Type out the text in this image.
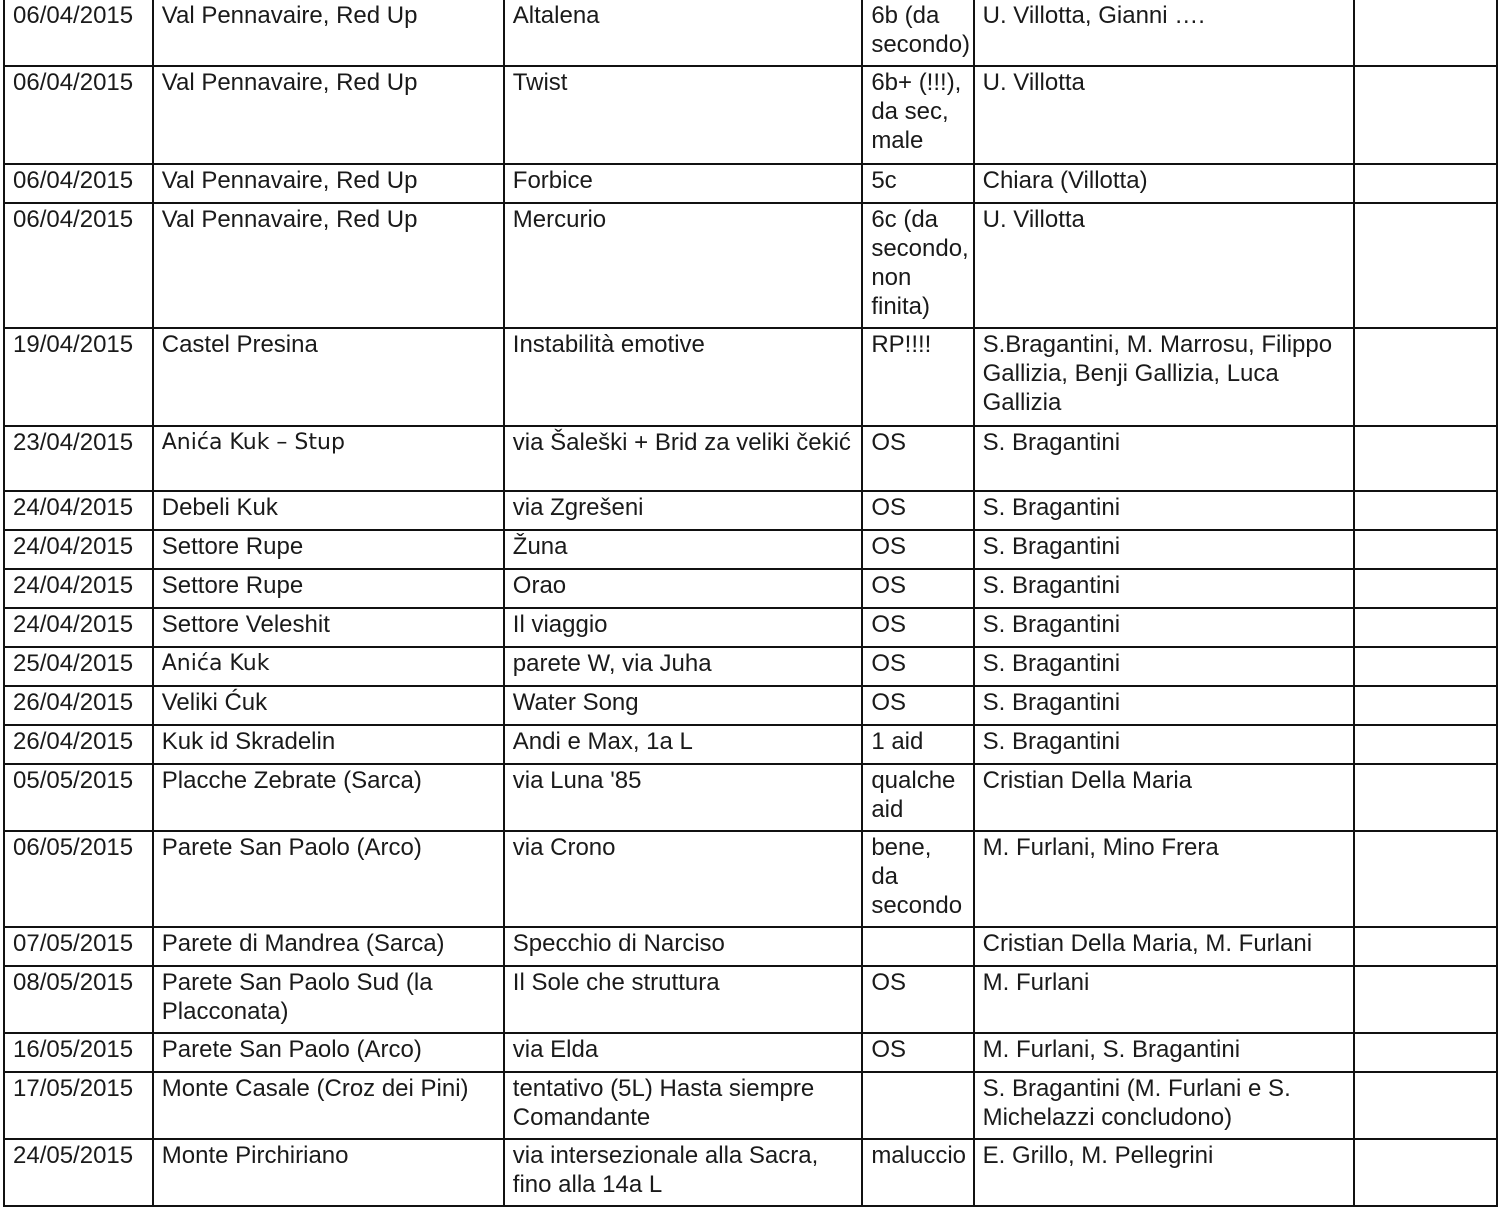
06/04/2015	Val Pennavaire, Red Up	Altalena	6b (da secondo)	U. Villotta, Gianni ….	
06/04/2015	Val Pennavaire, Red Up	Twist	6b+ (!!!), da sec, male	U. Villotta	
06/04/2015	Val Pennavaire, Red Up	Forbice	5c	Chiara (Villotta)	
06/04/2015	Val Pennavaire, Red Up	Mercurio	6c (da secondo, non finita)	U. Villotta	
19/04/2015	Castel Presina	Instabilità emotive	RP!!!!	S.Bragantini, M. Marrosu, Filippo Gallizia, Benji Gallizia, Luca Gallizia	
23/04/2015	Anića Kuk – Stup	via Šaleški + Brid za veliki čekić	OS	S. Bragantini	
24/04/2015	Debeli Kuk	via Zgrešeni	OS	S. Bragantini	
24/04/2015	Settore Rupe	Žuna	OS	S. Bragantini	
24/04/2015	Settore Rupe	Orao	OS	S. Bragantini	
24/04/2015	Settore Veleshit	Il viaggio	OS	S. Bragantini	
25/04/2015	Anića Kuk	parete W, via Juha	OS	S. Bragantini	
26/04/2015	Veliki Ćuk	Water Song	OS	S. Bragantini	
26/04/2015	Kuk id Skradelin	Andi e Max, 1a L	1 aid	S. Bragantini	
05/05/2015	Placche Zebrate (Sarca)	via Luna '85	qualche aid	Cristian Della Maria	
06/05/2015	Parete San Paolo (Arco)	via Crono	bene, da secondo	M. Furlani, Mino Frera	
07/05/2015	Parete di Mandrea (Sarca)	Specchio di Narciso		Cristian Della Maria, M. Furlani	
08/05/2015	Parete San Paolo Sud (la Placconata)	Il Sole che struttura	OS	M. Furlani	
16/05/2015	Parete San Paolo (Arco)	via Elda	OS	M. Furlani, S. Bragantini	
17/05/2015	Monte Casale (Croz dei Pini)	tentativo (5L) Hasta siempre Comandante		S. Bragantini (M. Furlani e S. Michelazzi concludono)	
24/05/2015	Monte Pirchiriano	via intersezionale alla Sacra, fino alla 14a L	maluccio	E. Grillo, M. Pellegrini	
